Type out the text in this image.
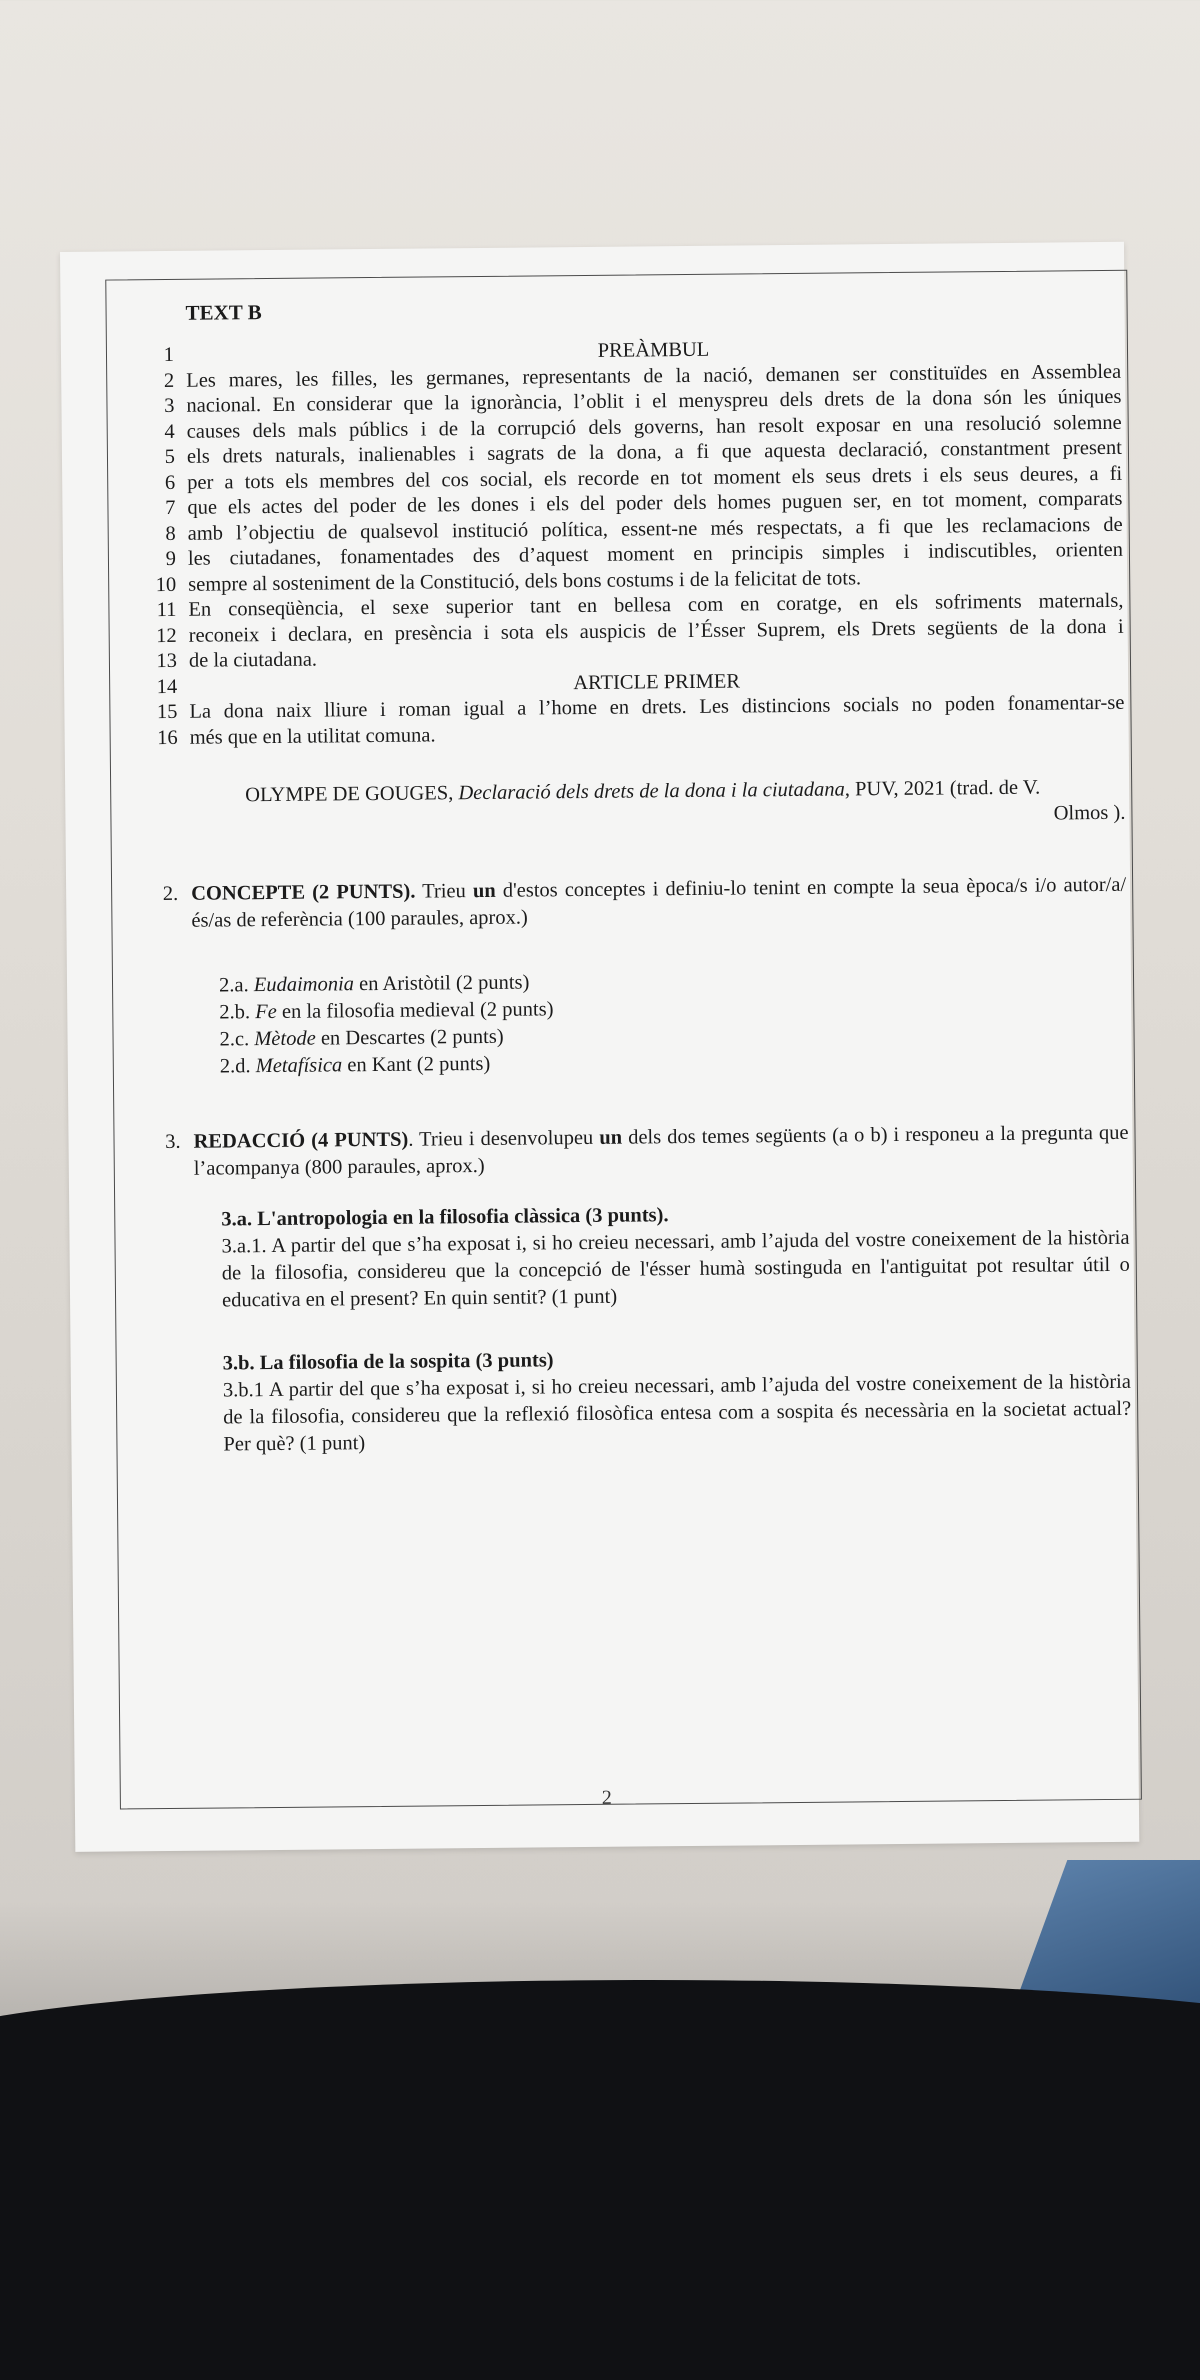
TEXT B
1	PREÀMBUL
2 Les mares, les filles, les germanes, representants de la nació, demanen ser constituïdes en Assemblea
3 nacional. En considerar que la ignorància, l’oblit i el menyspreu dels drets de la dona són les úniques
4 causes dels mals públics i de la corrupció dels governs, han resolt exposar en una resolució solemne
5 els drets naturals, inalienables i sagrats de la dona, a fi que aquesta declaració, constantment present
6 per a tots els membres del cos social, els recorde en tot moment els seus drets i els seus deures, a fi
7 que els actes del poder de les dones i els del poder dels homes puguen ser, en tot moment, comparats
8 amb l’objectiu de qualsevol institució política, essent-ne més respectats, a fi que les reclamacions de
9 les ciutadanes, fonamentades des d’aquest moment en principis simples i indiscutibles, orienten
10 sempre al sosteniment de la Constitució, dels bons costums i de la felicitat de tots.
11 En conseqüència, el sexe superior tant en bellesa com en coratge, en els sofriments maternals,
12 reconeix i declara, en presència i sota els auspicis de l’Ésser Suprem, els Drets següents de la dona i
13 de la ciutadana.
14	ARTICLE PRIMER
15 La dona naix lliure i roman igual a l’home en drets. Les distincions socials no poden fonamentar-se
16 més que en la utilitat comuna.
OLYMPE DE GOUGES, Declaració dels drets de la dona i la ciutadana, PUV, 2021 (trad. de V.
Olmos ).
2. CONCEPTE (2 PUNTS). Trieu un d'estos conceptes i definiu-lo tenint en compte la seua època/s i/o autor/a/és/as de referència (100 paraules, aprox.)
2.a. Eudaimonia en Aristòtil (2 punts)
2.b. Fe en la filosofia medieval (2 punts)
2.c. Mètode en Descartes (2 punts)
2.d. Metafísica en Kant (2 punts)
3. REDACCIÓ (4 PUNTS). Trieu i desenvolupeu un dels dos temes següents (a o b) i responeu a la pregunta que l’acompanya (800 paraules, aprox.)
3.a. L'antropologia en la filosofia clàssica (3 punts).
3.a.1. A partir del que s’ha exposat i, si ho creieu necessari, amb l’ajuda del vostre coneixement de la història de la filosofia, considereu que la concepció de l'ésser humà sostinguda en l'antiguitat pot resultar útil o educativa en el present? En quin sentit? (1 punt)
3.b. La filosofia de la sospita (3 punts)
3.b.1 A partir del que s’ha exposat i, si ho creieu necessari, amb l’ajuda del vostre coneixement de la història de la filosofia, considereu que la reflexió filosòfica entesa com a sospita és necessària en la societat actual? Per què? (1 punt)
2
